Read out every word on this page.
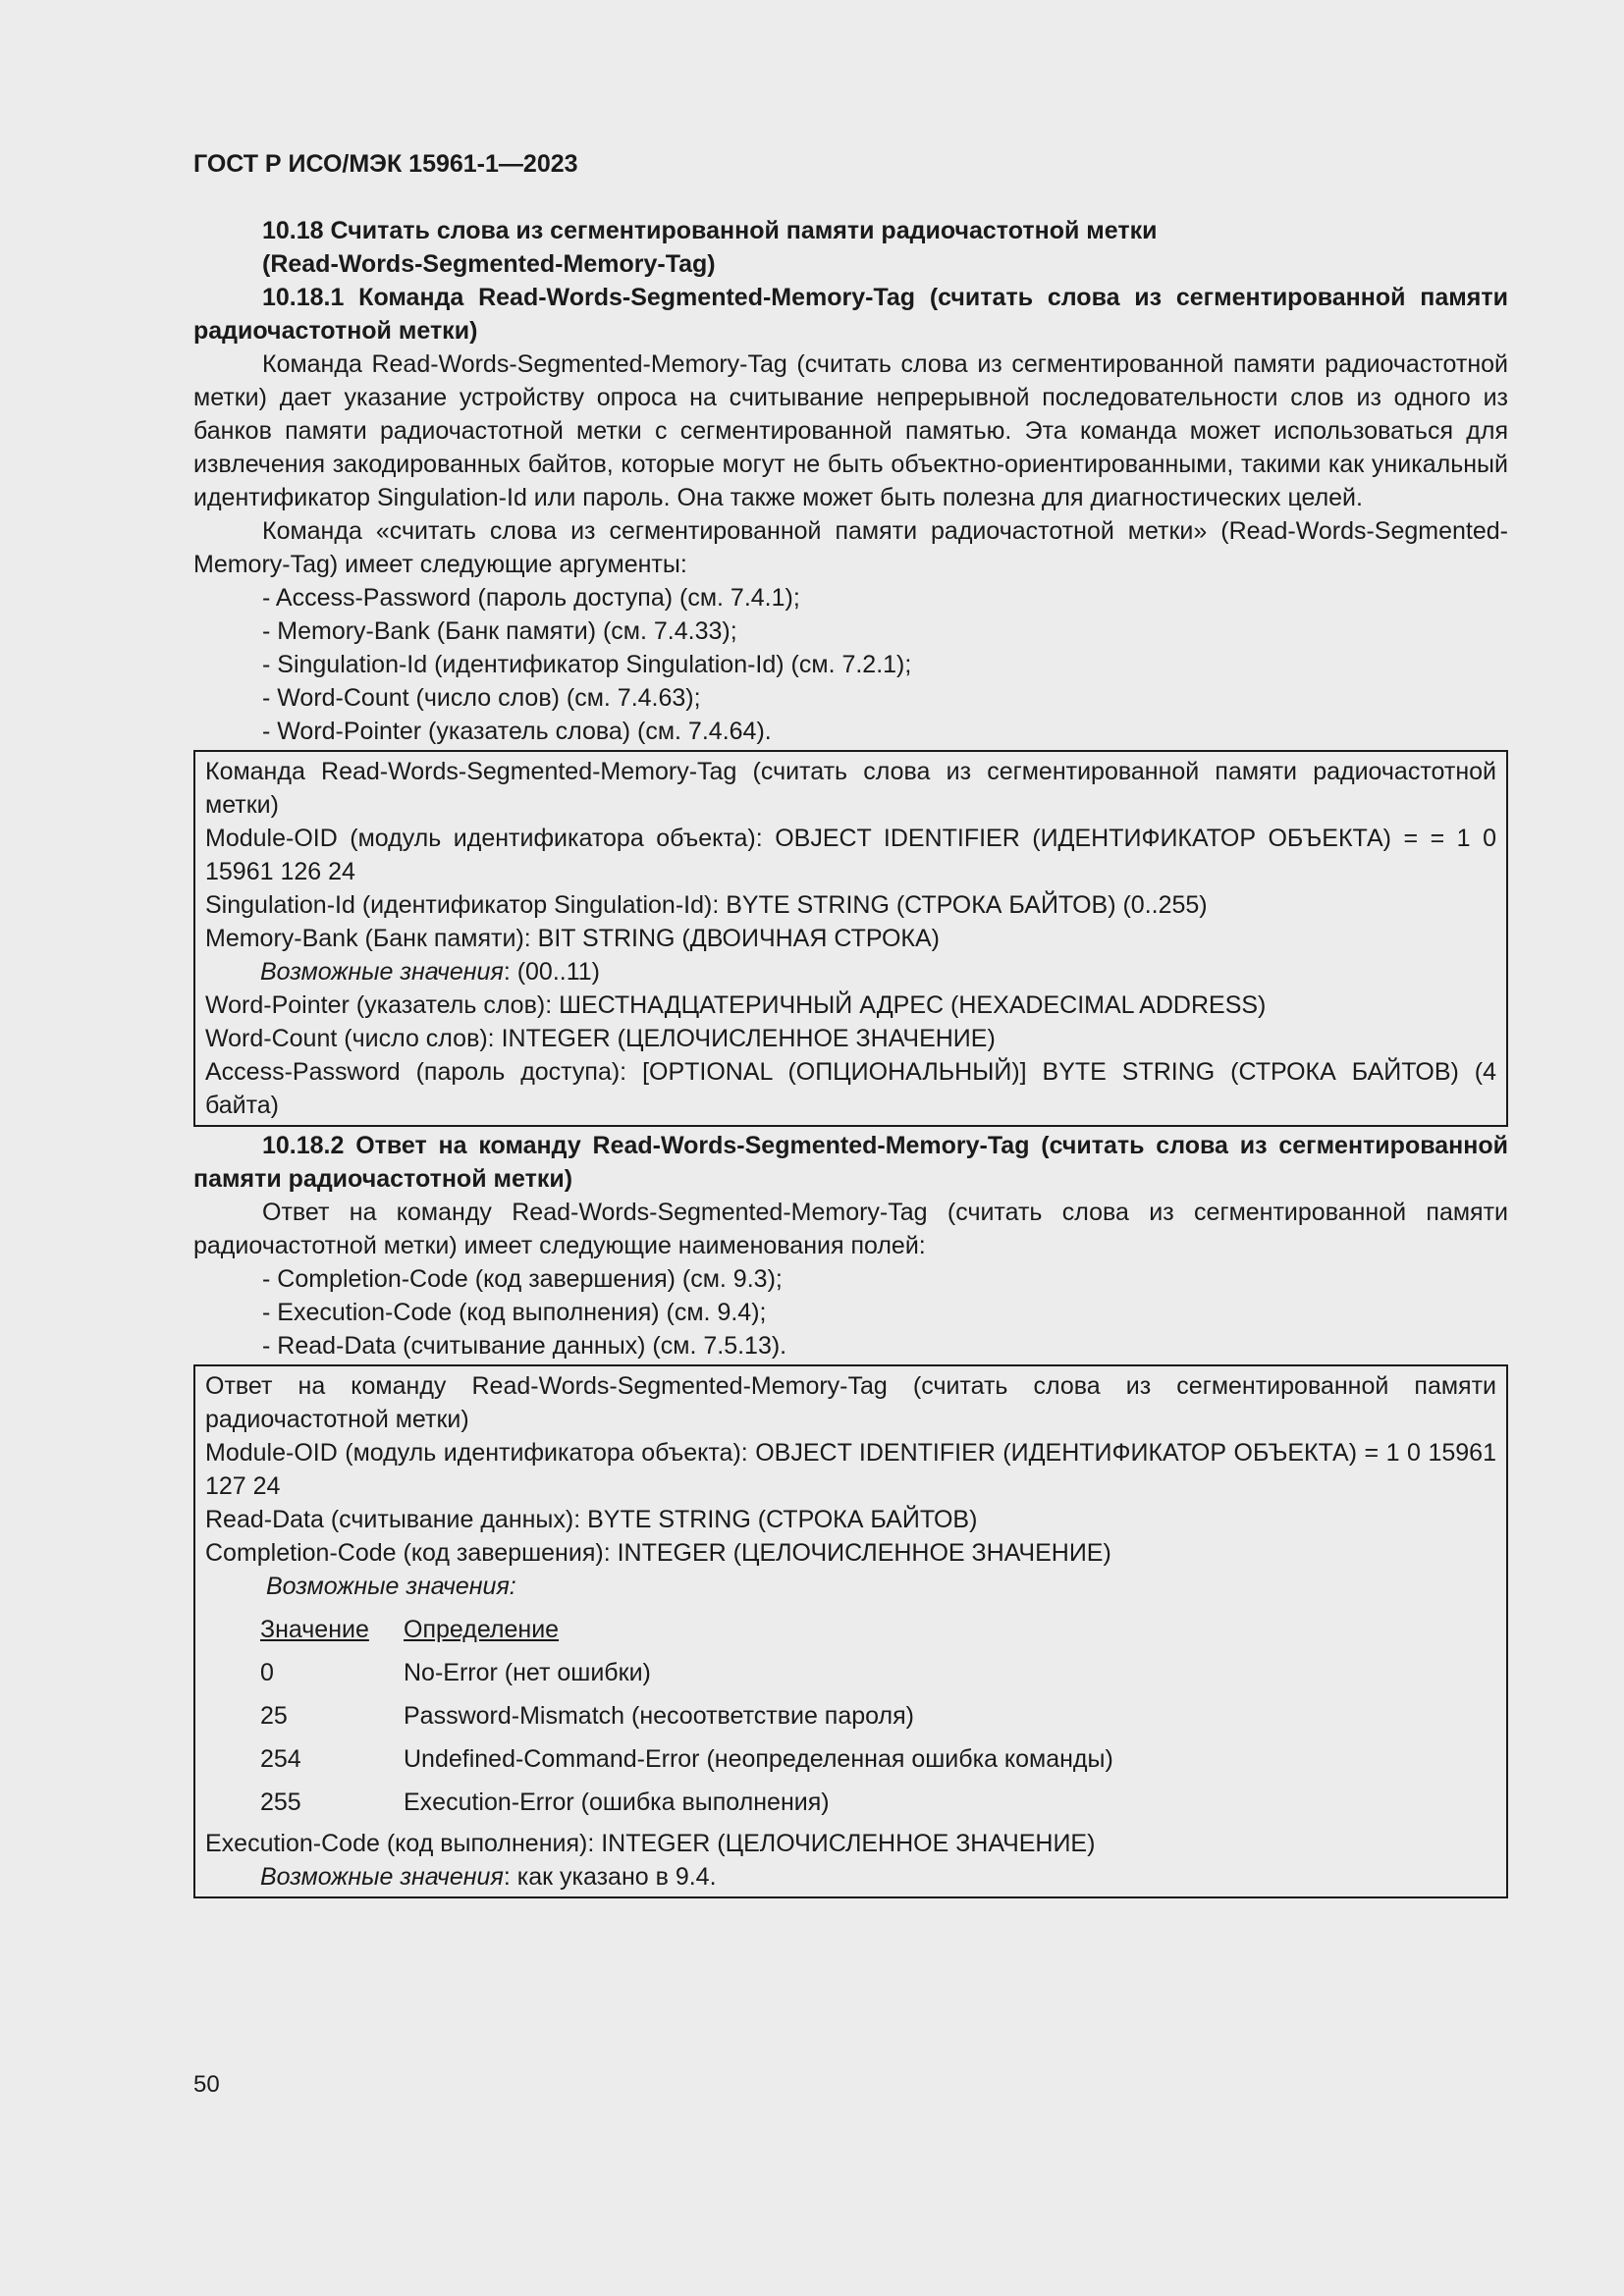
ГОСТ Р ИСО/МЭК 15961-1—2023
10.18 Считать слова из сегментированной памяти радиочастотной метки
(Read-Words-Segmented-Memory-Tag)
10.18.1 Команда Read-Words-Segmented-Memory-Tag (считать слова из сегментированной памяти радиочастотной метки)

Команда Read-Words-Segmented-Memory-Tag (считать слова из сегментированной памяти радиочастотной метки) дает указание устройству опроса на считывание непрерывной последовательности слов из одного из банков памяти радиочастотной метки с сегментированной памятью. Эта команда может использоваться для извлечения закодированных байтов, которые могут не быть объектно-ориентированными, такими как уникальный идентификатор Singulation-Id или пароль. Она также может быть полезна для диагностических целей.

Команда «считать слова из сегментированной памяти радиочастотной метки» (Read-Words-Segmented-Memory-Tag) имеет следующие аргументы:

- Access-Password (пароль доступа) (см. 7.4.1);
- Memory-Bank (Банк памяти) (см. 7.4.33);
- Singulation-Id (идентификатор Singulation-Id) (см. 7.2.1);
- Word-Count (число слов) (см. 7.4.63);
- Word-Pointer (указатель слова) (см. 7.4.64).
Команда Read-Words-Segmented-Memory-Tag (считать слова из сегментированной памяти радиочастотной метки)
Module-OID (модуль идентификатора объекта): OBJECT IDENTIFIER (ИДЕНТИФИКАТОР ОБЪЕКТА) = = 1 0 15961 126 24
Singulation-Id (идентификатор Singulation-Id): BYTE STRING (СТРОКА БАЙТОВ) (0..255)
Memory-Bank (Банк памяти): BIT STRING (ДВОИЧНАЯ СТРОКА)
Возможные значения: (00..11)
Word-Pointer (указатель слов): ШЕСТНАДЦАТЕРИЧНЫЙ АДРЕС (HEXADECIMAL ADDRESS)
Word-Count (число слов): INTEGER (ЦЕЛОЧИСЛЕННОЕ ЗНАЧЕНИЕ)
Access-Password (пароль доступа): [OPTIONAL (ОПЦИОНАЛЬНЫЙ)] BYTE STRING (СТРОКА БАЙТОВ) (4 байта)
10.18.2 Ответ на команду Read-Words-Segmented-Memory-Tag (считать слова из сегментированной памяти радиочастотной метки)

Ответ на команду Read-Words-Segmented-Memory-Tag (считать слова из сегментированной памяти радиочастотной метки) имеет следующие наименования полей:

- Completion-Code (код завершения) (см. 9.3);
- Execution-Code (код выполнения) (см. 9.4);
- Read-Data (считывание данных) (см. 7.5.13).
Ответ на команду Read-Words-Segmented-Memory-Tag (считать слова из сегментированной памяти радиочастотной метки)
Module-OID (модуль идентификатора объекта): OBJECT IDENTIFIER (ИДЕНТИФИКАТОР ОБЪЕКТА) = 1 0 15961 127 24
Read-Data (считывание данных): BYTE STRING (СТРОКА БАЙТОВ)
Completion-Code (код завершения): INTEGER (ЦЕЛОЧИСЛЕННОЕ ЗНАЧЕНИЕ)
Возможные значения:
Значение	Определение
0	No-Error (нет ошибки)
25	Password-Mismatch (несоответствие пароля)
254	Undefined-Command-Error (неопределенная ошибка команды)
255	Execution-Error (ошибка выполнения)
Execution-Code (код выполнения): INTEGER (ЦЕЛОЧИСЛЕННОЕ ЗНАЧЕНИЕ)
Возможные значения: как указано в 9.4.
50
